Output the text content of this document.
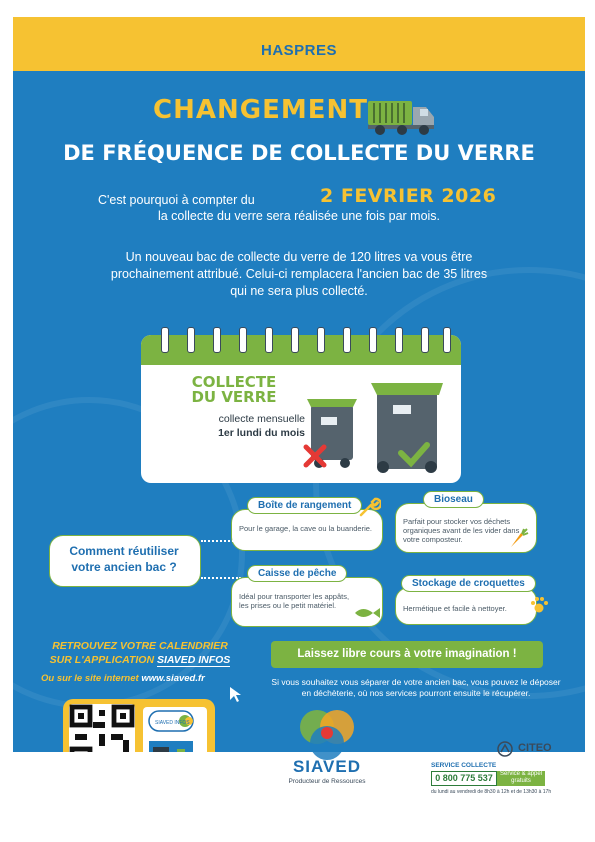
HASPRES
CHANGEMENT
DE FRÉQUENCE DE COLLECTE DU VERRE
C'est pourquoi à compter du	2 FEVRIER 2026
la collecte du verre sera réalisée une fois par mois.
Un nouveau bac de collecte du verre de 120 litres va vous être prochainement attribué. Celui-ci remplacera l'ancien bac de 35 litres qui ne sera plus collecté.
COLLECTE
DU VERRE
collecte mensuelle
1er lundi du mois
Boîte de rangement
Pour le garage, la cave ou la buanderie.
Bioseau
Parfait pour stocker vos déchets organiques avant de les vider dans votre composteur.
Comment réutiliser votre ancien bac ?	Caisse de pêche
Idéal pour transporter les appâts, les prises ou le petit matériel.
Stockage de croquettes
Hermétique et facile à nettoyer.
Laissez libre cours à votre imagination !
Si vous souhaitez vous séparer de votre ancien bac, vous pouvez le déposer en déchèterie, où nos services pourront ensuite le récupérer.
RETROUVEZ VOTRE CALENDRIER
SUR L'APPLICATION SIAVED INFOS
Ou sur le site internet www.siaved.fr
SIAVED INFOS
SIAVED
Producteur de Ressources
CITEO
SERVICE COLLECTE
0 800 775 537	Service & appel gratuits
du lundi au vendredi de 8h30 à 12h et de 13h30 à 17h
